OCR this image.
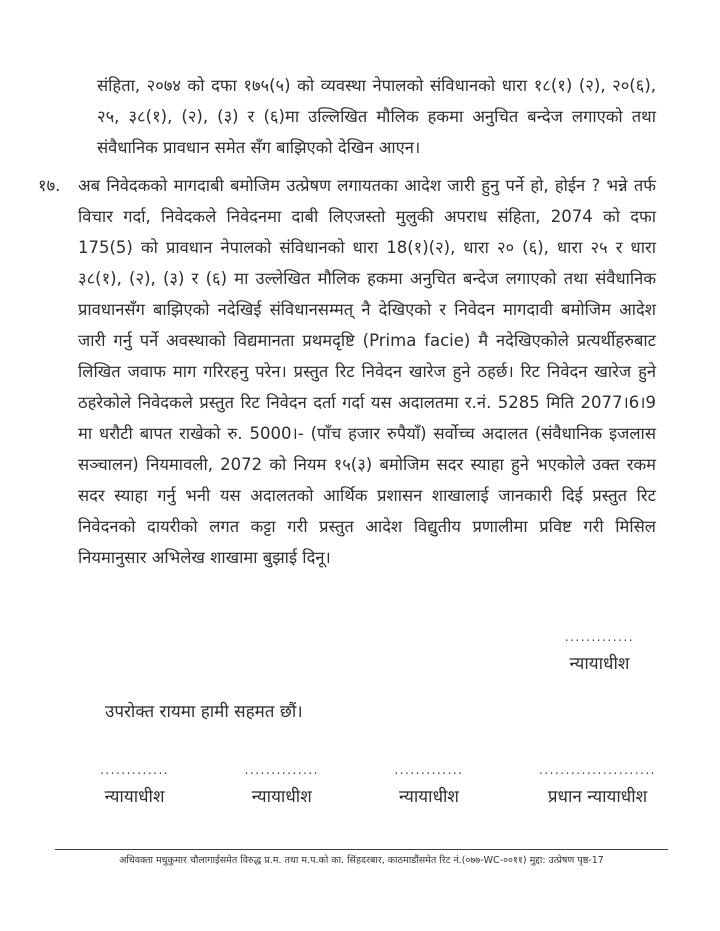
संहिता, २०७४ को दफा १७५(५) को व्यवस्था नेपालको संविधानको धारा १८(१) (२), २०(६), २५, ३८(१), (२), (३) र (६)मा उल्लिखित मौलिक हकमा अनुचित बन्देज लगाएको तथा संवैधानिक प्रावधान समेत सँग बाझिएको देखिन आएन।

१७. अब निवेदकको मागदाबी बमोजिम उत्प्रेषण लगायतका आदेश जारी हुनु पर्ने हो, होईन ? भन्ने तर्फ विचार गर्दा, निवेदकले निवेदनमा दाबी लिएजस्तो मुलुकी अपराध संहिता, 2074 को दफा 175(5) को प्रावधान नेपालको संविधानको धारा 18(१)(२), धारा २० (६), धारा २५ र धारा ३८(१), (२), (३) र (६) मा उल्लेखित मौलिक हकमा अनुचित बन्देज लगाएको तथा संवैधानिक प्रावधानसँग बाझिएको नदेखिई संविधानसम्मत् नै देखिएको र निवेदन मागदावी बमोजिम आदेश जारी गर्नु पर्ने अवस्थाको विद्यमानता प्रथमदृष्टि (Prima facie) मै नदेखिएकोले प्रत्यर्थीहरुबाट लिखित जवाफ माग गरिरहनु परेन। प्रस्तुत रिट निवेदन खारेज हुने ठहर्छ। रिट निवेदन खारेज हुने ठहरेकोले निवेदकले प्रस्तुत रिट निवेदन दर्ता गर्दा यस अदालतमा र.नं. 5285 मिति 2077।6।9 मा धरौटी बापत राखेको रु. 5000।- (पाँच हजार रुपैयाँ) सर्वोच्च अदालत (संवैधानिक इजलास सञ्चालन) नियमावली, 2072 को नियम १५(३) बमोजिम सदर स्याहा हुने भएकोले उक्त रकम सदर स्याहा गर्नु भनी यस अदालतको आर्थिक प्रशासन शाखालाई जानकारी दिई प्रस्तुत रिट निवेदनको दायरीको लगत कट्टा गरी प्रस्तुत आदेश विद्युतीय प्रणालीमा प्रविष्ट गरी मिसिल नियमानुसार अभिलेख शाखामा बुझाई दिनू।

.............
न्यायाधीश

उपरोक्त रायमा हामी सहमत छौं।

.............
न्यायाधीश
..............
न्यायाधीश
.............
न्यायाधीश
......................
प्रधान न्यायाधीश
अधिवक्ता मधुकुमार चौलागाईसमेत विरुद्ध प्र.म. तथा म.प.को का. सिंहदरबार, काठमाडौंसमेत रिट नं.(०७७-WC-००११) मुद्दा: उत्प्रेषण पृष्ठ-17
